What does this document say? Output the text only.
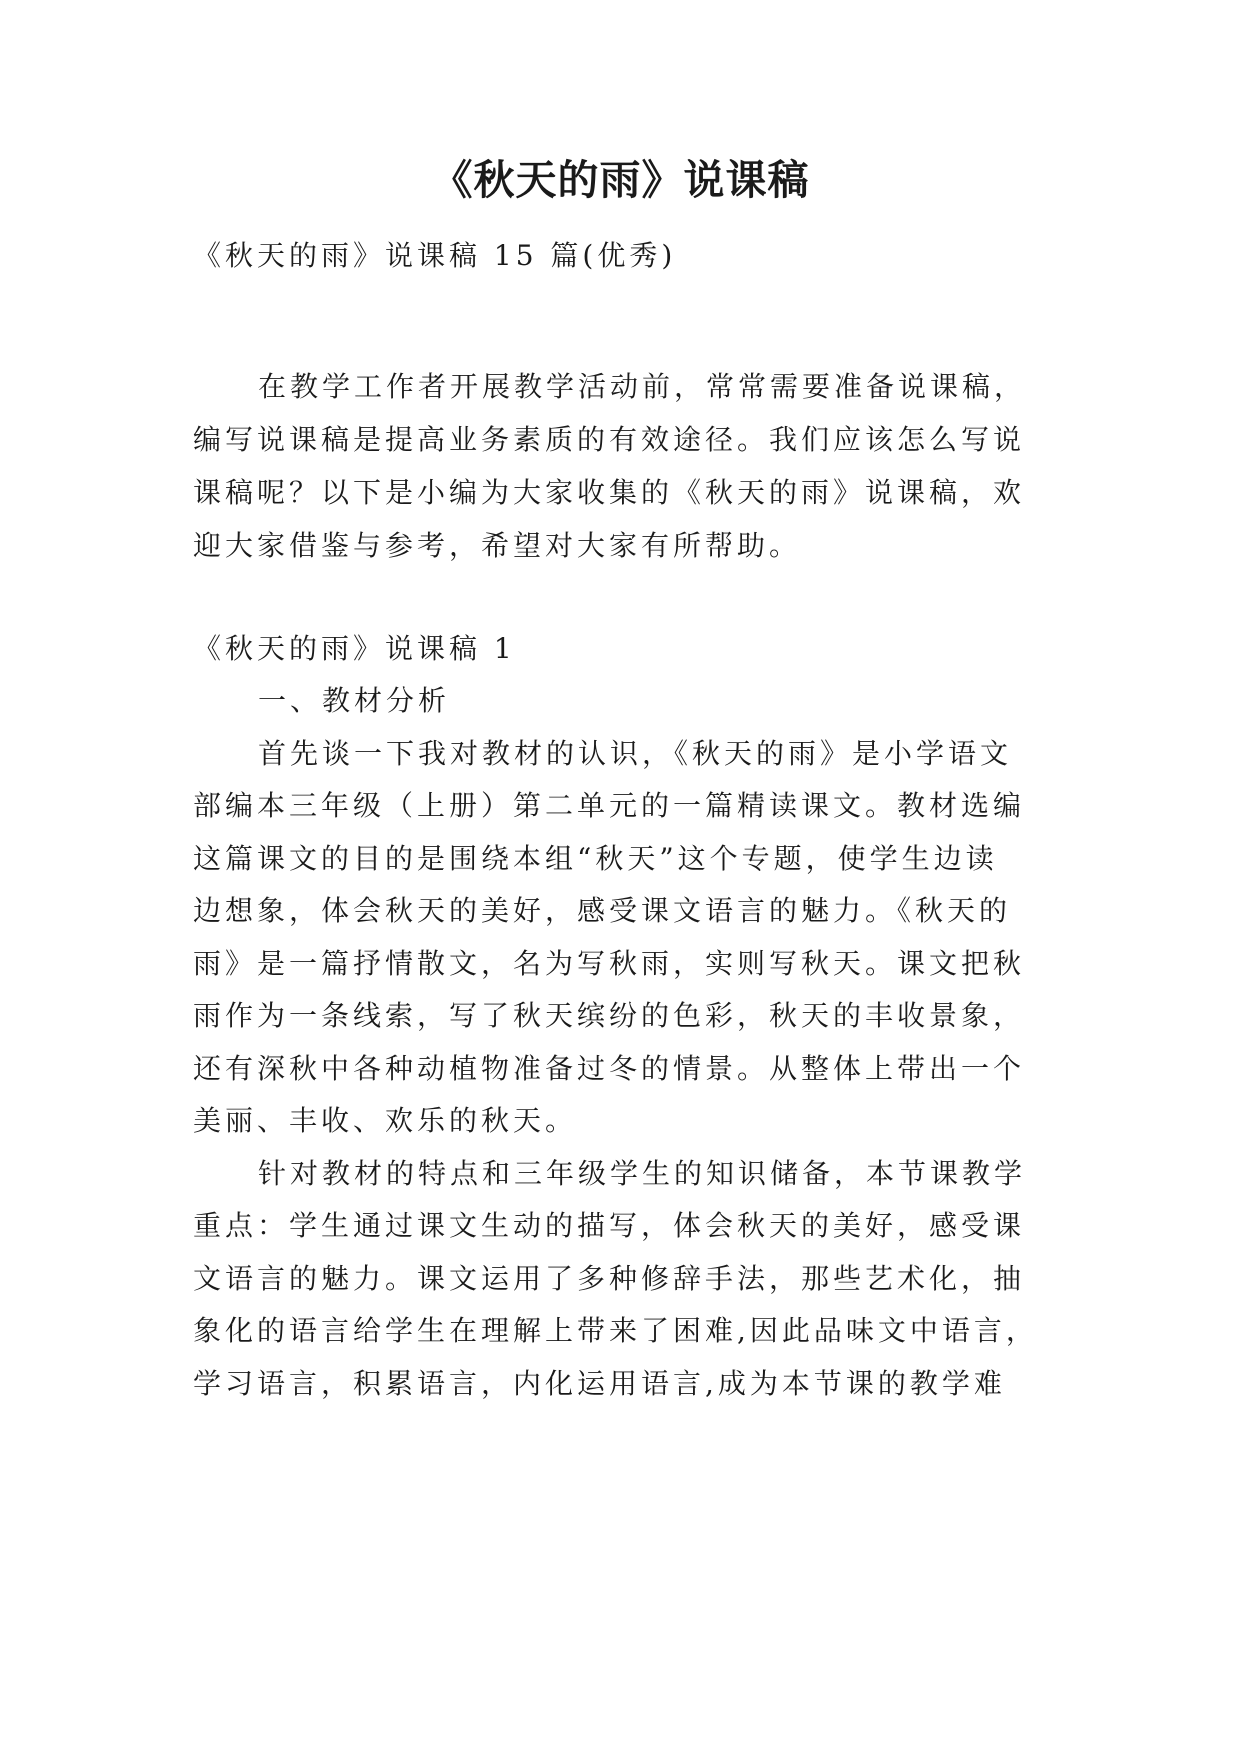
《秋天的雨》说课稿

《秋天的雨》说课稿 15 篇(优秀)

在教学工作者开展教学活动前，常常需要准备说课稿，

编写说课稿是提高业务素质的有效途径。我们应该怎么写说

课稿呢？以下是小编为大家收集的《秋天的雨》说课稿，欢

迎大家借鉴与参考，希望对大家有所帮助。

《秋天的雨》说课稿 1

一、教材分析

首先谈一下我对教材的认识，《秋天的雨》是小学语文

部编本三年级（上册）第二单元的一篇精读课文。教材选编

这篇课文的目的是围绕本组“秋天”这个专题，使学生边读

边想象，体会秋天的美好，感受课文语言的魅力。《秋天的

雨》是一篇抒情散文，名为写秋雨，实则写秋天。课文把秋

雨作为一条线索，写了秋天缤纷的色彩，秋天的丰收景象，

还有深秋中各种动植物准备过冬的情景。从整体上带出一个

美丽、丰收、欢乐的秋天。

针对教材的特点和三年级学生的知识储备，本节课教学

重点：学生通过课文生动的描写，体会秋天的美好，感受课

文语言的魅力。课文运用了多种修辞手法，那些艺术化，抽

象化的语言给学生在理解上带来了困难,因此品味文中语言，

学习语言，积累语言，内化运用语言,成为本节课的教学难
